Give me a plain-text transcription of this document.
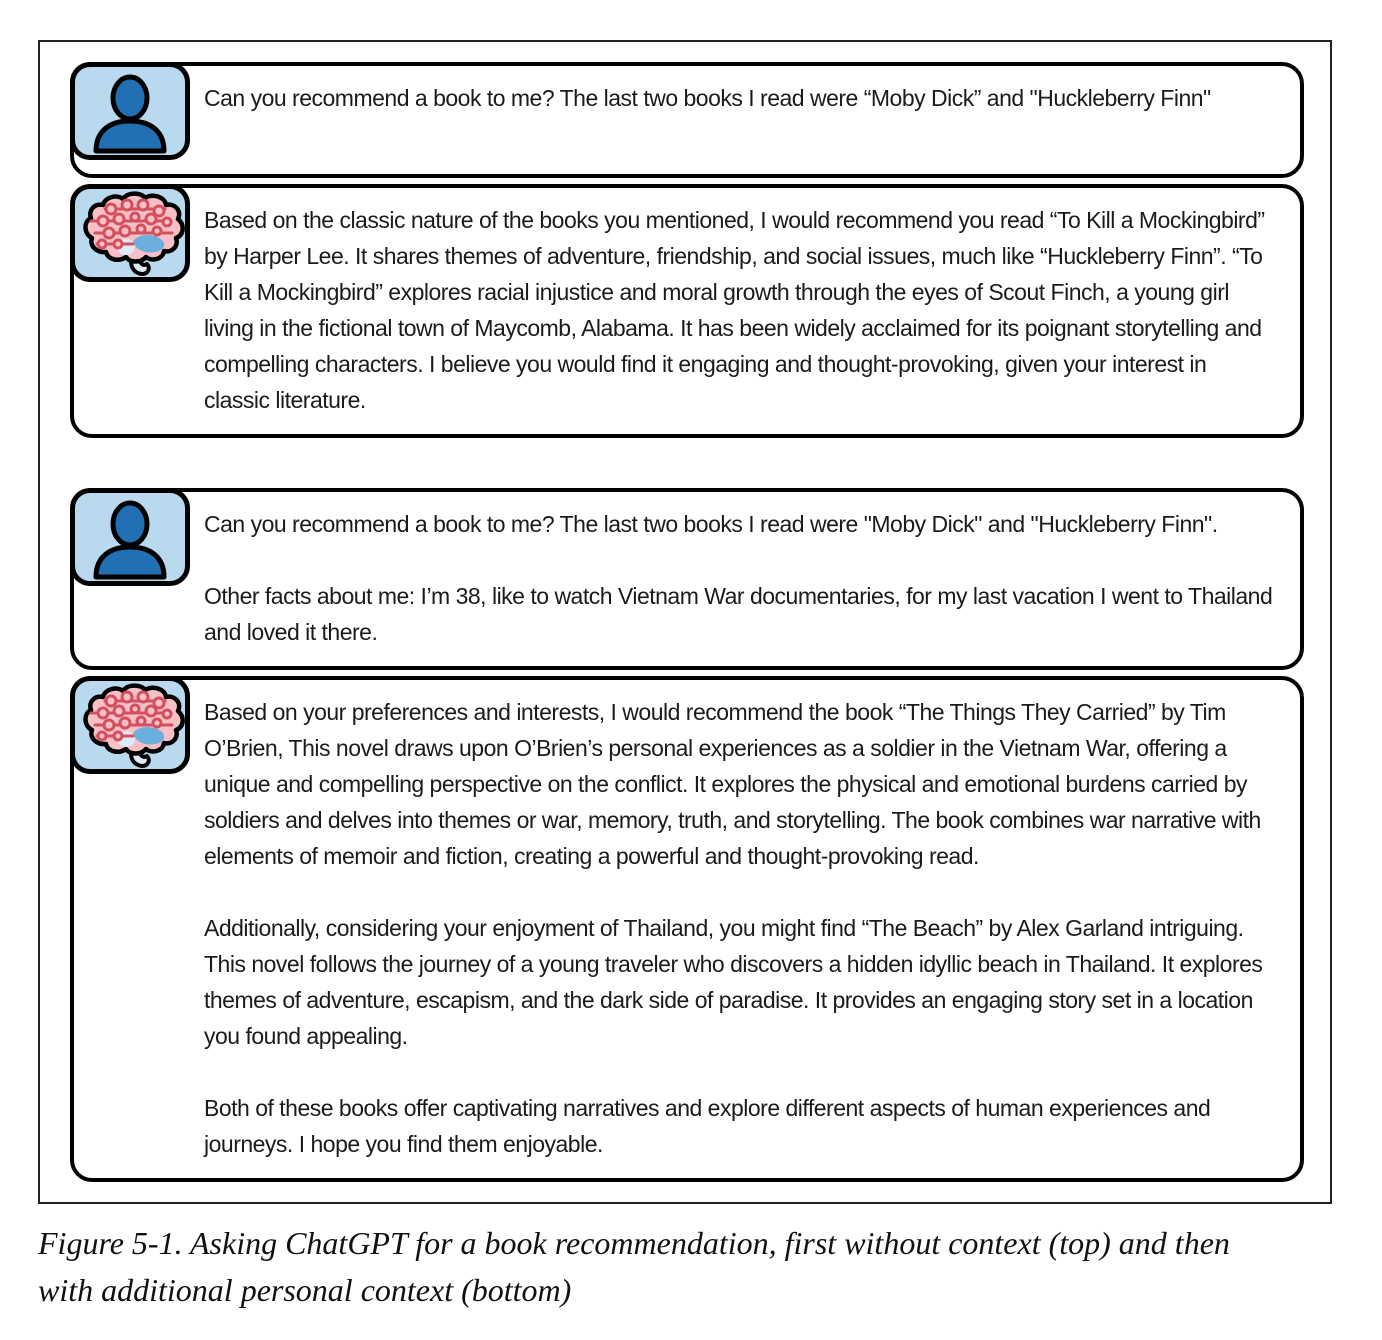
Can you recommend a book to me? The last two books I read were “Moby Dick” and "Huckleberry Finn"

Based on the classic nature of the books you mentioned, I would recommend you read “To Kill a Mockingbird” by Harper Lee. It shares themes of adventure, friendship, and social issues, much like “Huckleberry Finn”. “To Kill a Mockingbird” explores racial injustice and moral growth through the eyes of Scout Finch, a young girl living in the fictional town of Maycomb, Alabama. It has been widely acclaimed for its poignant storytelling and compelling characters. I believe you would find it engaging and thought-provoking, given your interest in classic literature.

Can you recommend a book to me? The last two books I read were "Moby Dick" and "Huckleberry Finn".

Other facts about me: I’m 38, like to watch Vietnam War documentaries, for my last vacation I went to Thailand and loved it there.

Based on your preferences and interests, I would recommend the book “The Things They Carried” by Tim O’Brien, This novel draws upon O’Brien’s personal experiences as a soldier in the Vietnam War, offering a unique and compelling perspective on the conflict. It explores the physical and emotional burdens carried by soldiers and delves into themes or war, memory, truth, and storytelling. The book combines war narrative with elements of memoir and fiction, creating a powerful and thought-provoking read.

Additionally, considering your enjoyment of Thailand, you might find “The Beach” by Alex Garland intriguing. This novel follows the journey of a young traveler who discovers a hidden idyllic beach in Thailand. It explores themes of adventure, escapism, and the dark side of paradise. It provides an engaging story set in a location you found appealing.

Both of these books offer captivating narratives and explore different aspects of human experiences and journeys. I hope you find them enjoyable.

Figure 5-1. Asking ChatGPT for a book recommendation, first without context (top) and then with additional personal context (bottom)
